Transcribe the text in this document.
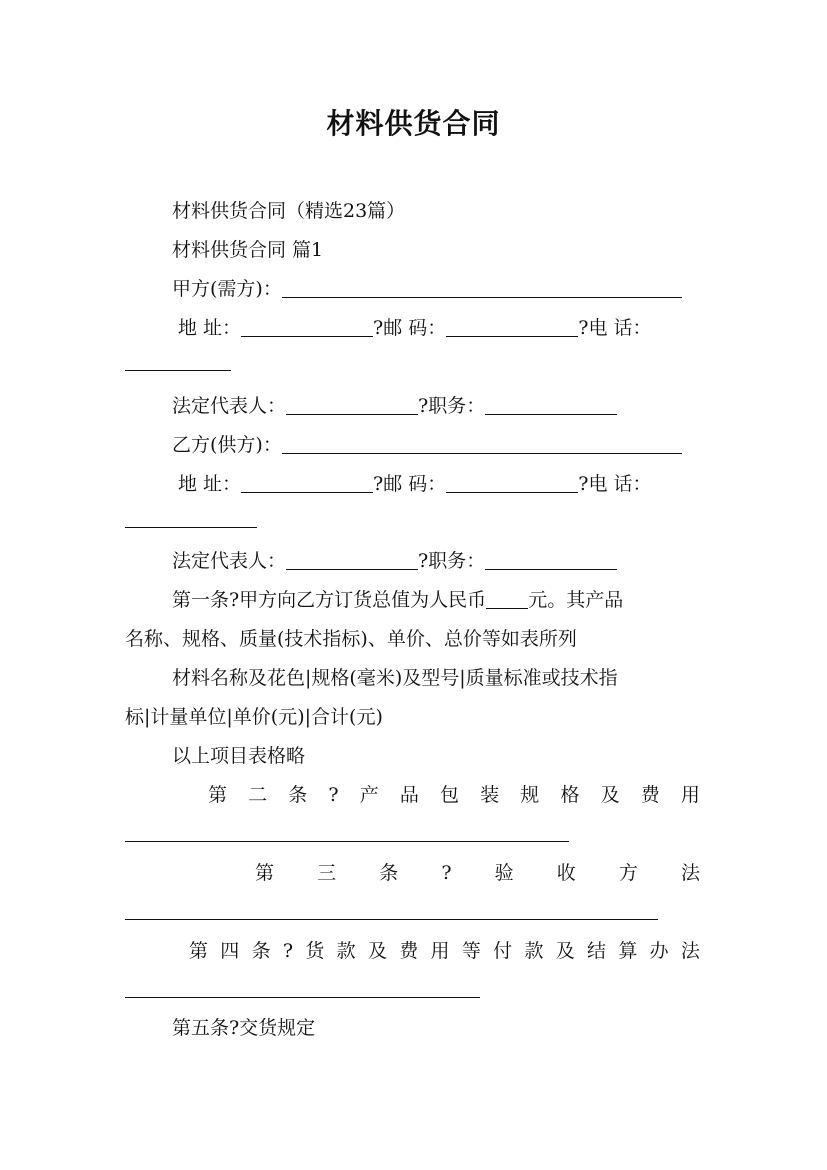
材料供货合同
材料供货合同（精选23篇）
材料供货合同 篇1
甲方(需方)：
地 址：	?邮 码：	?电 话：
法定代表人：	?职务：
乙方(供方)：
地 址：	?邮 码：	?电 话：
法定代表人：	?职务：
第一条?甲方向乙方订货总值为人民币 元。其产品
名称、规格、质量(技术指标)、单价、总价等如表所列
材料名称及花色|规格(毫米)及型号|质量标准或技术指
标|计量单位|单价(元)|合计(元)
以上项目表格略
第 二 条 ? 产 品 包 装 规 格 及 费 用
第 三 条 ? 验 收 方 法
第 四 条 ? 货 款 及 费 用 等 付 款 及 结 算 办 法
第五条?交货规定
